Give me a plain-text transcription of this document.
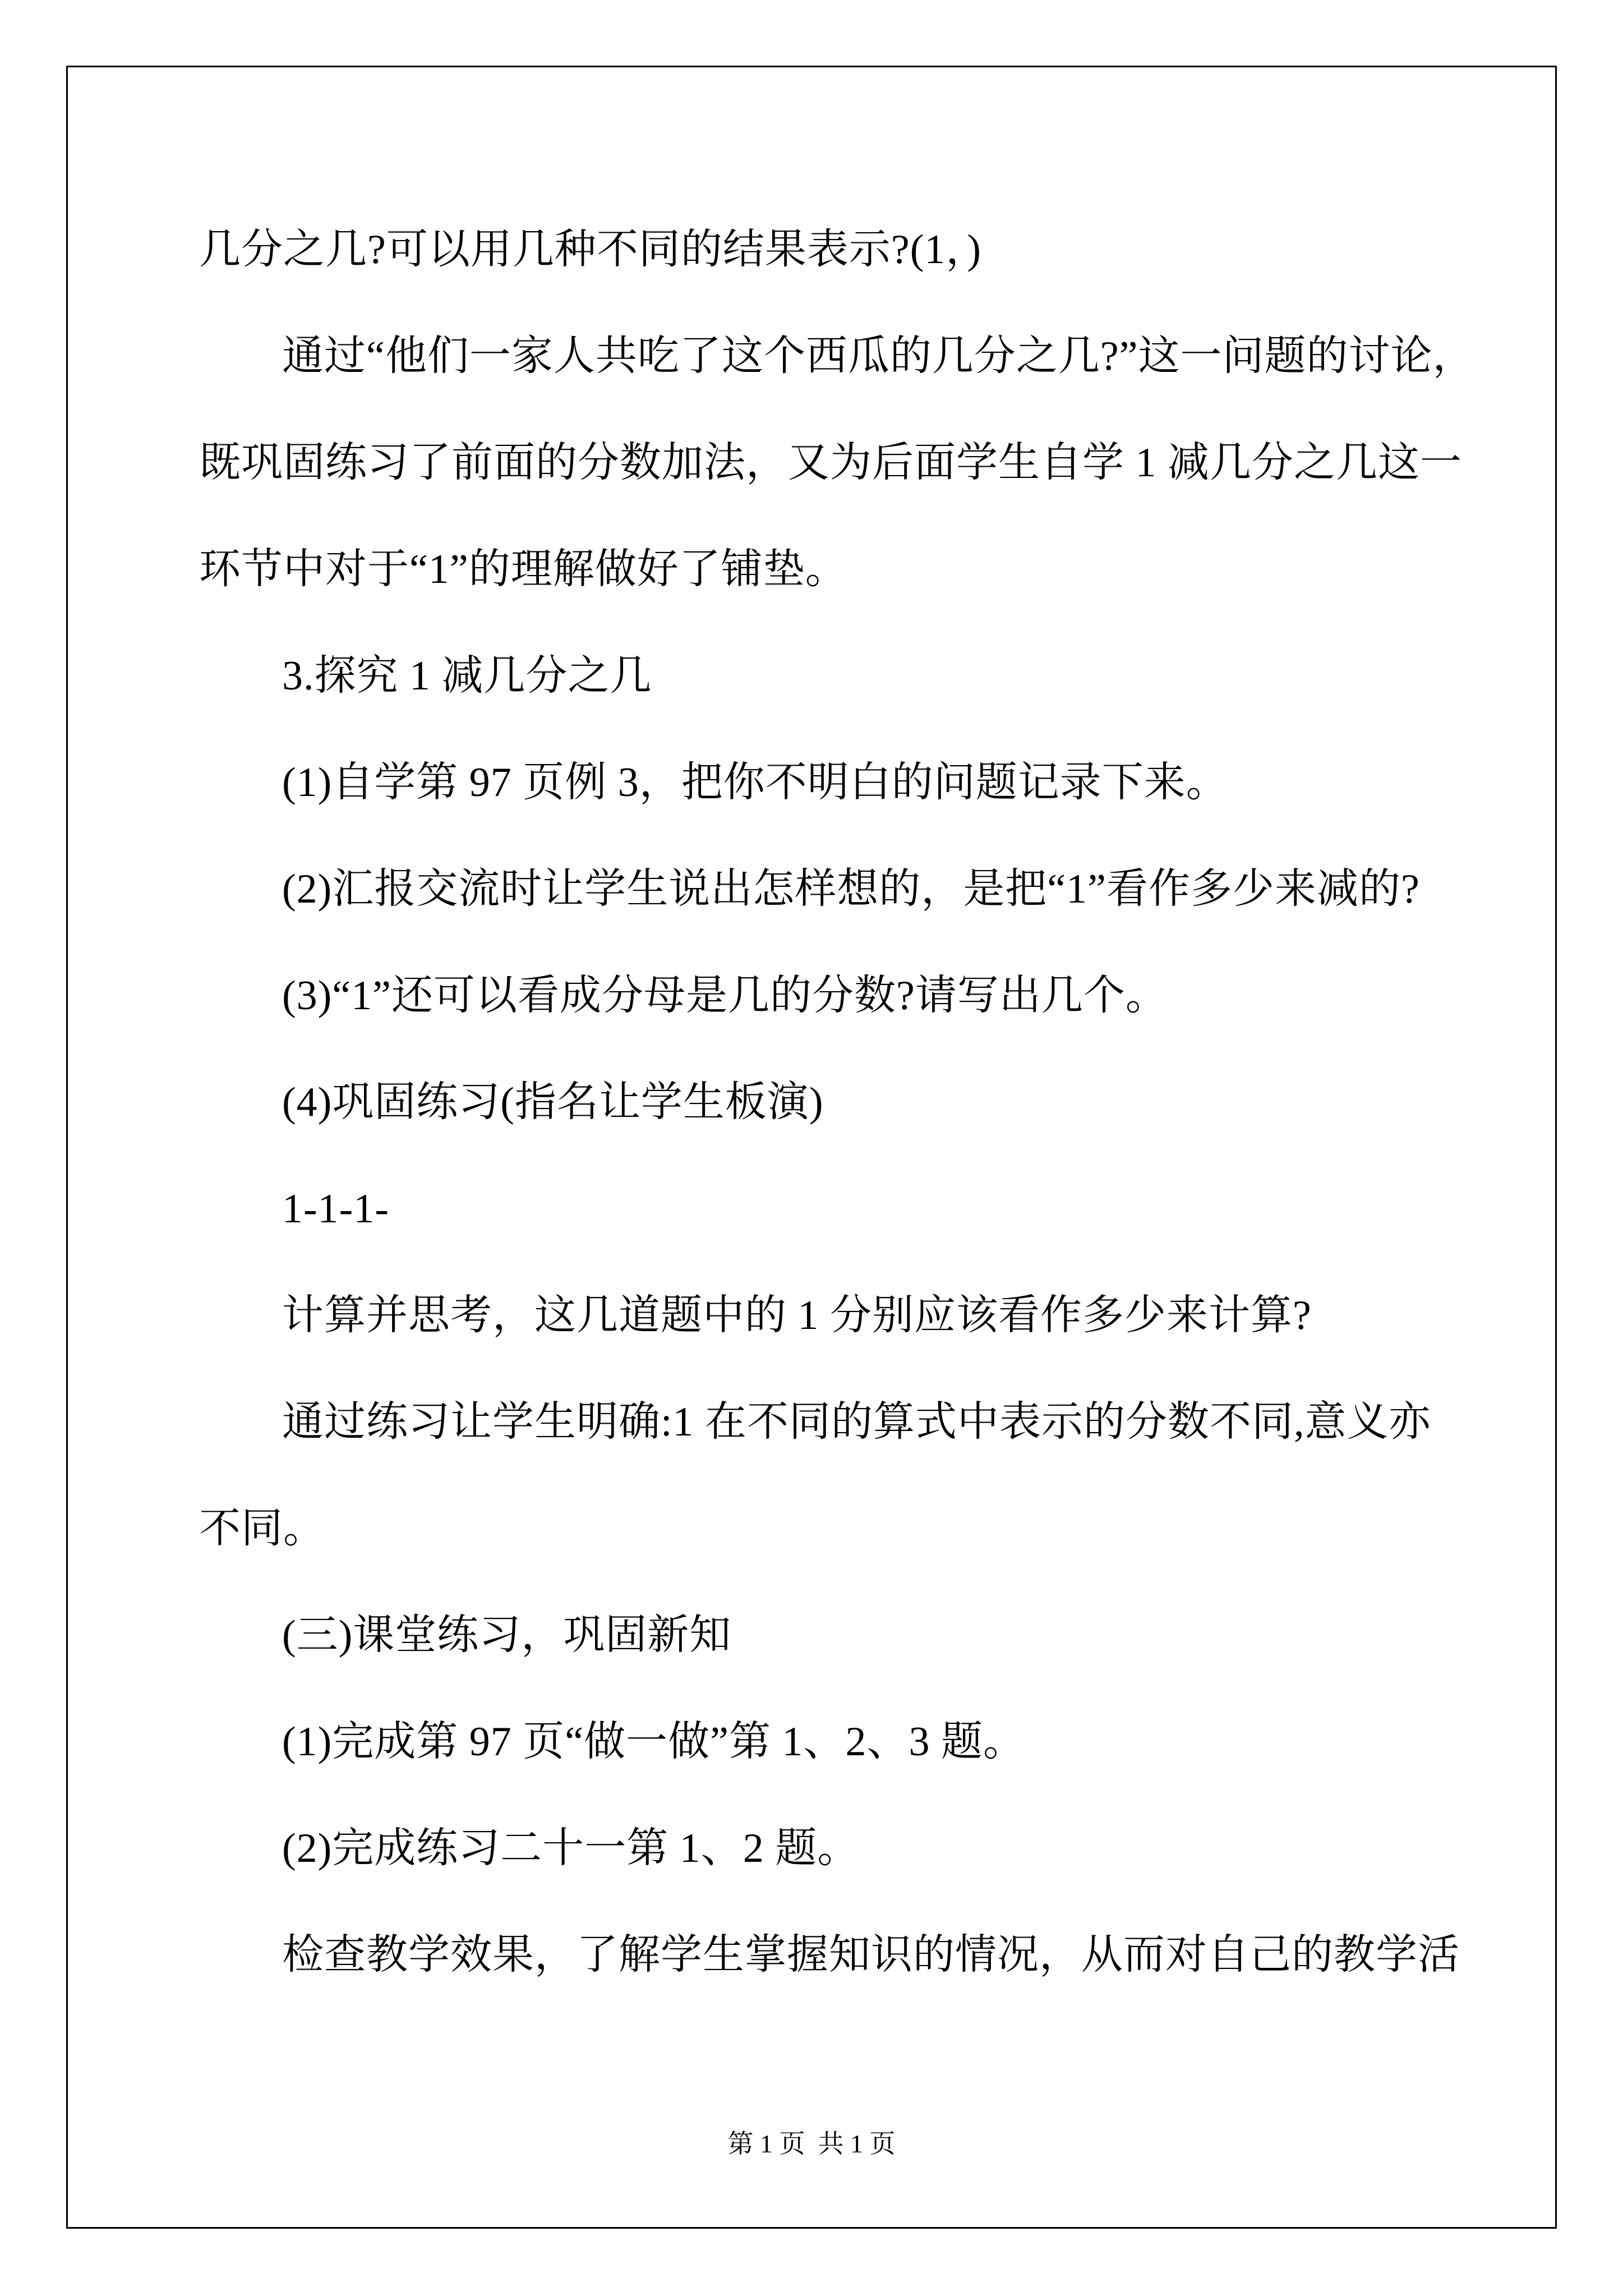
几分之几?可以用几种不同的结果表示?(1，)
通过“他们一家人共吃了这个西瓜的几分之几?”这一问题的讨论，
既巩固练习了前面的分数加法，又为后面学生自学 1 减几分之几这一
环节中对于“1”的理解做好了铺垫。
3.探究 1 减几分之几
(1)自学第 97 页例 3，把你不明白的问题记录下来。
(2)汇报交流时让学生说出怎样想的，是把“1”看作多少来减的?
(3)“1”还可以看成分母是几的分数?请写出几个。
(4)巩固练习(指名让学生板演)
1-1-1-
计算并思考，这几道题中的 1 分别应该看作多少来计算?
通过练习让学生明确:1 在不同的算式中表示的分数不同,意义亦
不同。
(三)课堂练习，巩固新知
(1)完成第 97 页“做一做”第 1、2、3 题。
(2)完成练习二十一第 1、2 题。
检查教学效果，了解学生掌握知识的情况，从而对自己的教学活
第 1 页  共 1 页
